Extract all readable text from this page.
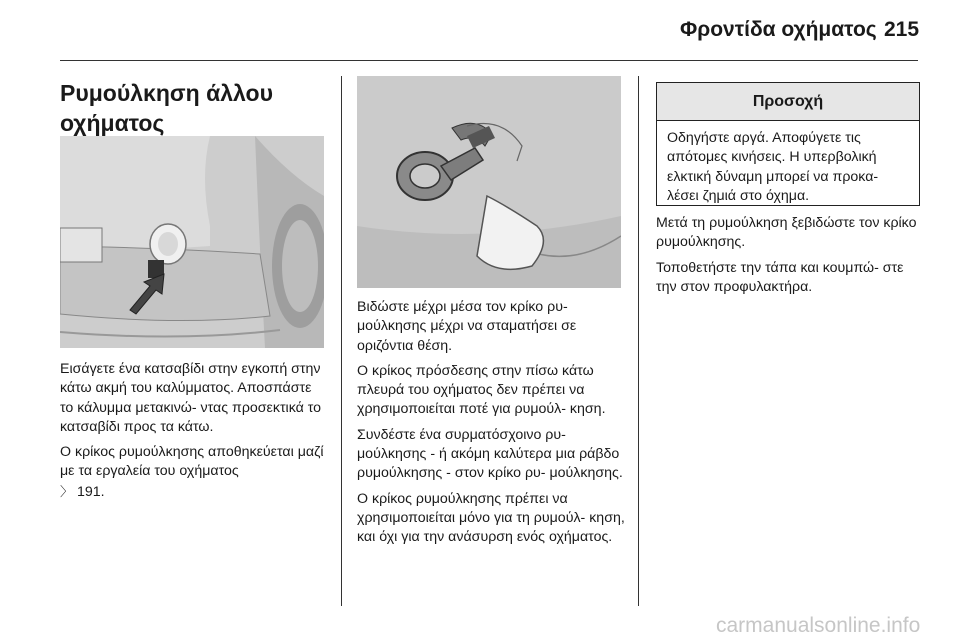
Φροντίδα οχήματος 215
Ρυμούλκηση άλλου οχήματος

Εισάγετε ένα κατσαβίδι στην εγκοπή στην κάτω ακμή του καλύμματος. Αποσπάστε το κάλυμμα μετακινώ‑ ντας προσεκτικά το κατσαβίδι προς τα κάτω.

Ο κρίκος ρυμούλκησης αποθηκεύεται μαζί με τα εργαλεία του οχήματος

〉 191.

Βιδώστε μέχρι μέσα τον κρίκο ρυ‑ μούλκησης μέχρι να σταματήσει σε οριζόντια θέση.

Ο κρίκος πρόσδεσης στην πίσω κάτω πλευρά του οχήματος δεν πρέπει να χρησιμοποιείται ποτέ για ρυμούλ‑ κηση.

Συνδέστε ένα συρματόσχοινο ρυ‑ μούλκησης ‑ ή ακόμη καλύτερα μια ράβδο ρυμούλκησης ‑ στον κρίκο ρυ‑ μούλκησης.

Ο κρίκος ρυμούλκησης πρέπει να χρησιμοποιείται μόνο για τη ρυμούλ‑ κηση, και όχι για την ανάσυρση ενός οχήματος.

Προσοχή
Οδηγήστε αργά. Αποφύγετε τις απότομες κινήσεις. Η υπερβολική ελκτική δύναμη μπορεί να προκα‑ λέσει ζημιά στο όχημα.

Μετά τη ρυμούλκηση ξεβιδώστε τον κρίκο ρυμούλκησης.

Τοποθετήστε την τάπα και κουμπώ‑ στε την στον προφυλακτήρα.

carmanualsonline.info
